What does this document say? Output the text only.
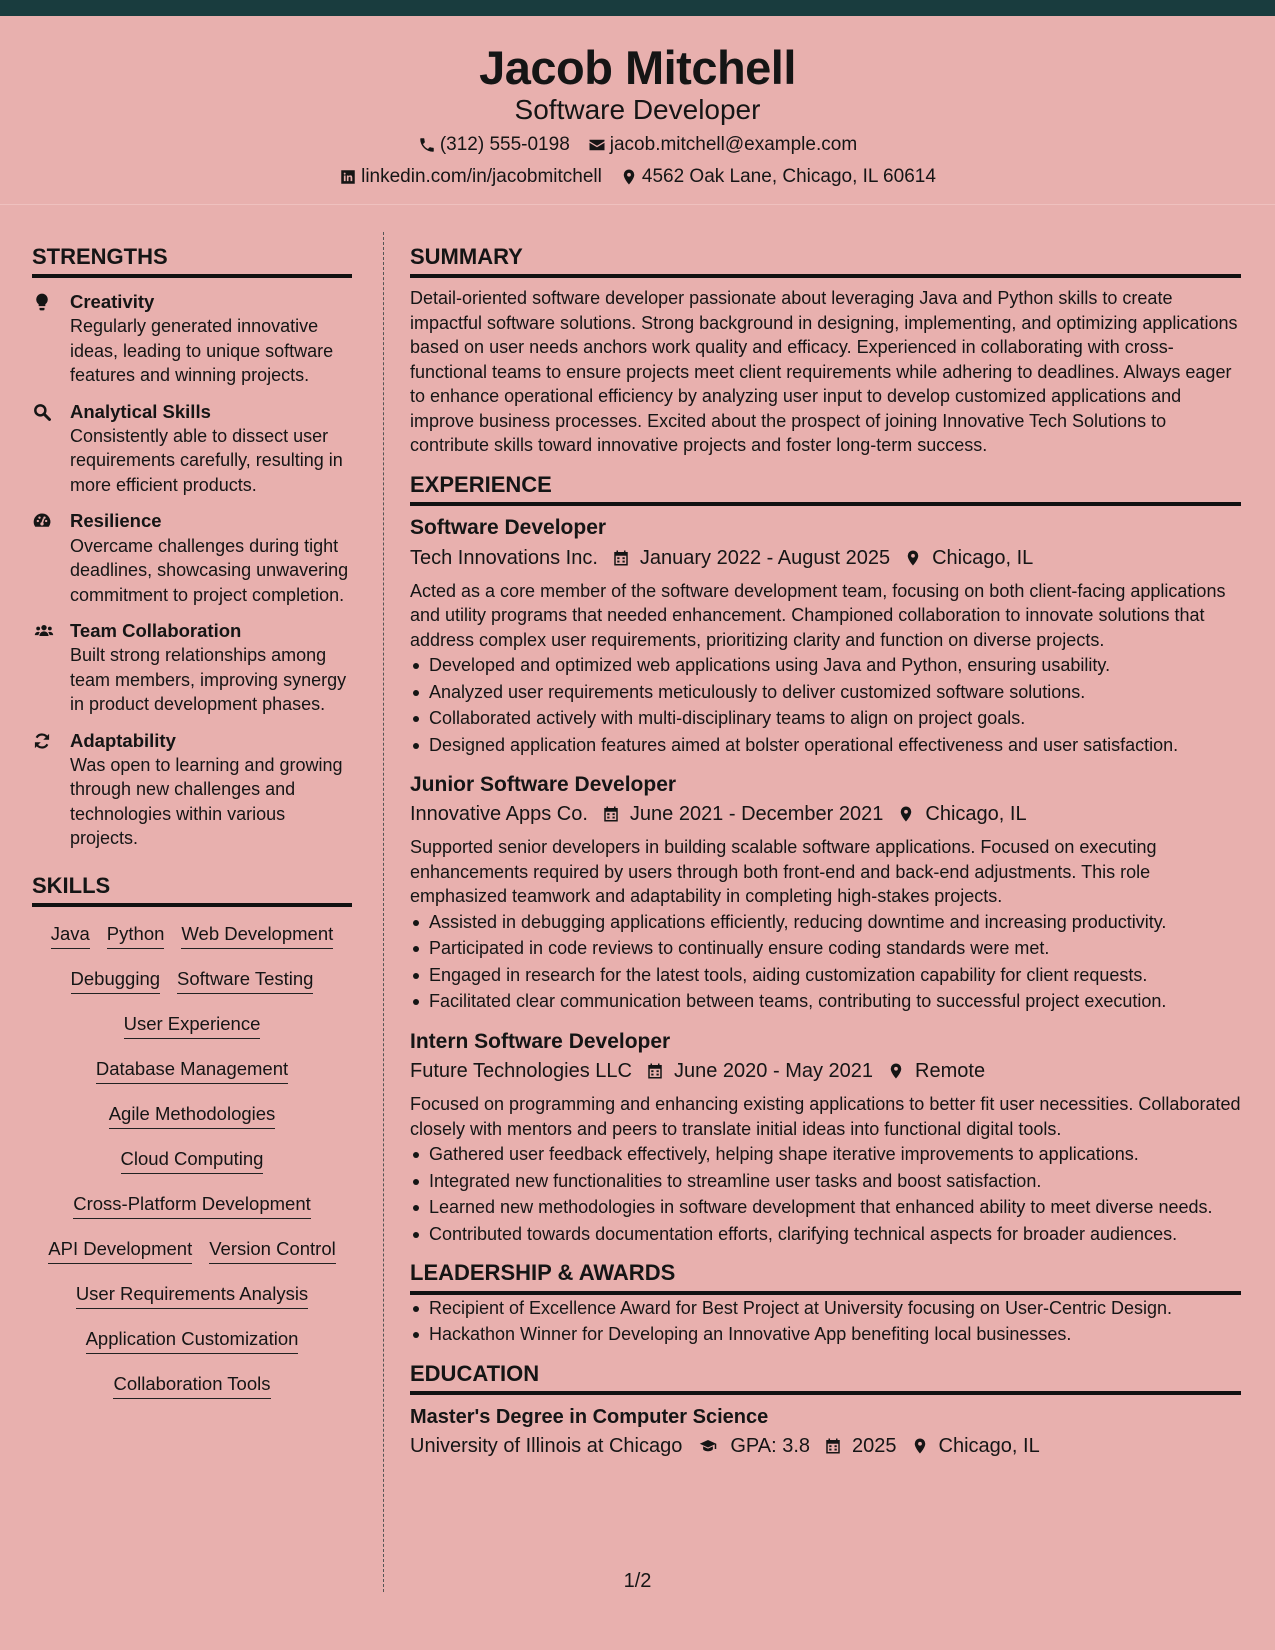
Jacob Mitchell
Software Developer
(312) 555-0198 jacob.mitchell@example.com
linkedin.com/in/jacobmitchell 4562 Oak Lane, Chicago, IL 60614
STRENGTHS
Creativity
Regularly generated innovative ideas, leading to unique software features and winning projects.
Analytical Skills
Consistently able to dissect user requirements carefully, resulting in more efficient products.
Resilience
Overcame challenges during tight deadlines, showcasing unwavering commitment to project completion.
Team Collaboration
Built strong relationships among team members, improving synergy in product development phases.
Adaptability
Was open to learning and growing through new challenges and technologies within various projects.
SKILLS
Java Python Web Development
Debugging Software Testing
User Experience
Database Management
Agile Methodologies
Cloud Computing
Cross-Platform Development
API Development Version Control
User Requirements Analysis
Application Customization
Collaboration Tools
SUMMARY
Detail-oriented software developer passionate about leveraging Java and Python skills to create impactful software solutions. Strong background in designing, implementing, and optimizing applications based on user needs anchors work quality and efficacy. Experienced in collaborating with cross-functional teams to ensure projects meet client requirements while adhering to deadlines. Always eager to enhance operational efficiency by analyzing user input to develop customized applications and improve business processes. Excited about the prospect of joining Innovative Tech Solutions to contribute skills toward innovative projects and foster long-term success.
EXPERIENCE
Software Developer
Tech Innovations Inc. January 2022 - August 2025 Chicago, IL
Acted as a core member of the software development team, focusing on both client-facing applications and utility programs that needed enhancement. Championed collaboration to innovate solutions that address complex user requirements, prioritizing clarity and function on diverse projects.
Developed and optimized web applications using Java and Python, ensuring usability.
Analyzed user requirements meticulously to deliver customized software solutions.
Collaborated actively with multi-disciplinary teams to align on project goals.
Designed application features aimed at bolster operational effectiveness and user satisfaction.
Junior Software Developer
Innovative Apps Co. June 2021 - December 2021 Chicago, IL
Supported senior developers in building scalable software applications. Focused on executing enhancements required by users through both front-end and back-end adjustments. This role emphasized teamwork and adaptability in completing high-stakes projects.
Assisted in debugging applications efficiently, reducing downtime and increasing productivity.
Participated in code reviews to continually ensure coding standards were met.
Engaged in research for the latest tools, aiding customization capability for client requests.
Facilitated clear communication between teams, contributing to successful project execution.
Intern Software Developer
Future Technologies LLC June 2020 - May 2021 Remote
Focused on programming and enhancing existing applications to better fit user necessities. Collaborated closely with mentors and peers to translate initial ideas into functional digital tools.
Gathered user feedback effectively, helping shape iterative improvements to applications.
Integrated new functionalities to streamline user tasks and boost satisfaction.
Learned new methodologies in software development that enhanced ability to meet diverse needs.
Contributed towards documentation efforts, clarifying technical aspects for broader audiences.
LEADERSHIP & AWARDS
Recipient of Excellence Award for Best Project at University focusing on User-Centric Design.
Hackathon Winner for Developing an Innovative App benefiting local businesses.
EDUCATION
Master's Degree in Computer Science
University of Illinois at Chicago GPA: 3.8 2025 Chicago, IL
1/2
